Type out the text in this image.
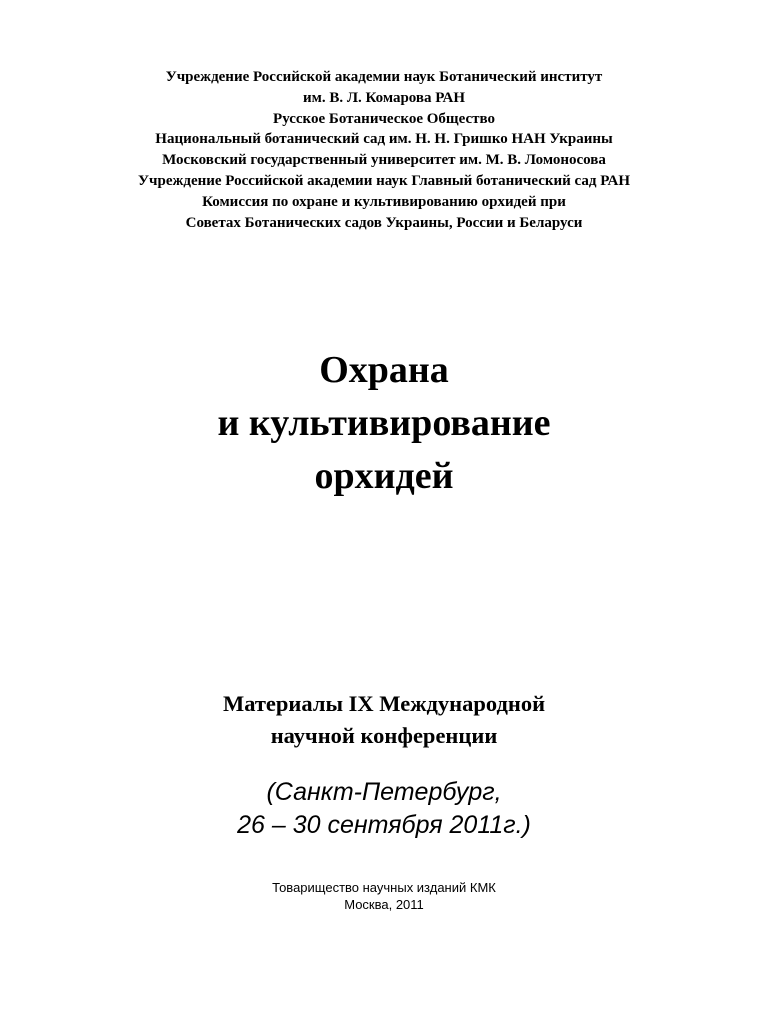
Учреждение Российской академии наук Ботанический институт
им. В. Л. Комарова РАН
Русское Ботаническое Общество
Национальный ботанический сад им. Н. Н. Гришко НАН Украины
Московский государственный университет им. М. В. Ломоносова
Учреждение Российской академии наук Главный ботанический сад РАН
Комиссия по охране и культивированию орхидей при
Советах Ботанических садов Украины, России и Беларуси
Охрана
и культивирование
орхидей
Материалы IX Международной
научной конференции
(Санкт-Петербург,
26 – 30 сентября 2011г.)
Товарищество научных изданий КМК
Москва, 2011
